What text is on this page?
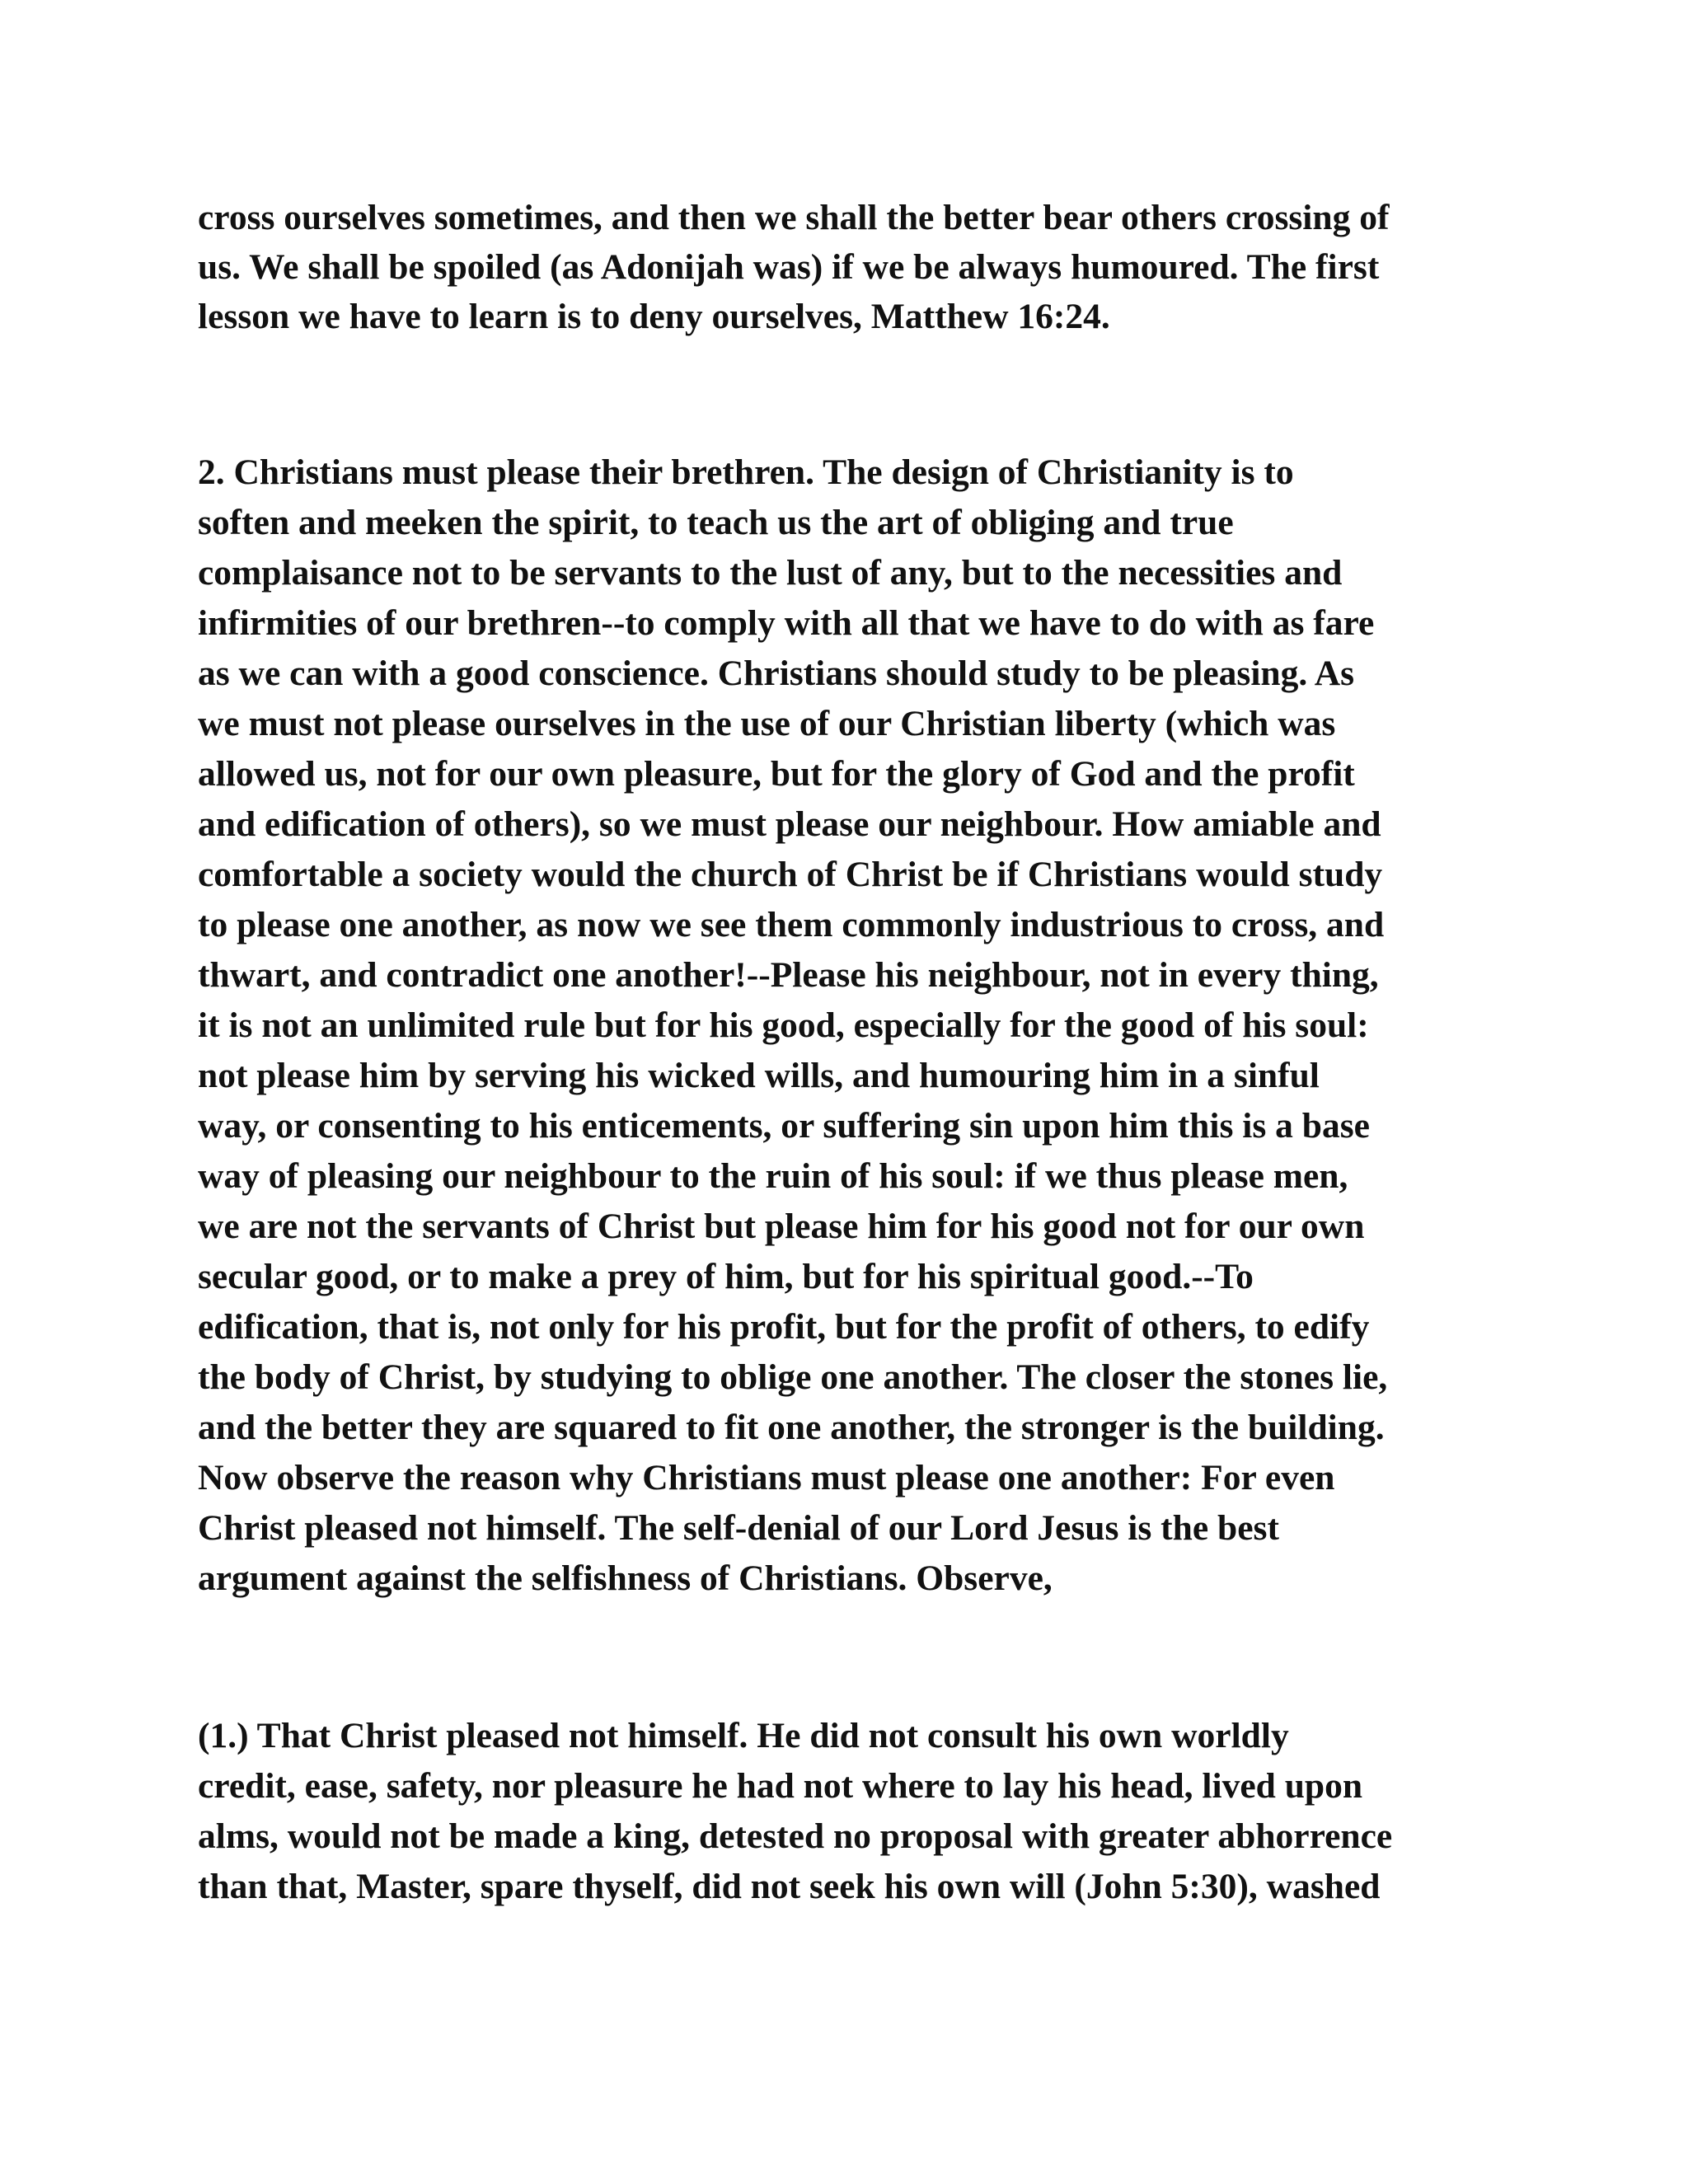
cross ourselves sometimes, and then we shall the better bear others crossing of

us. We shall be spoiled (as Adonijah was) if we be always humoured. The first

lesson we have to learn is to deny ourselves, Matthew 16:24.

2. Christians must please their brethren. The design of Christianity is to

soften and meeken the spirit, to teach us the art of obliging and true

complaisance not to be servants to the lust of any, but to the necessities and

infirmities of our brethren--to comply with all that we have to do with as fare

as we can with a good conscience. Christians should study to be pleasing. As

we must not please ourselves in the use of our Christian liberty (which was

allowed us, not for our own pleasure, but for the glory of God and the profit

and edification of others), so we must please our neighbour. How amiable and

comfortable a society would the church of Christ be if Christians would study

to please one another, as now we see them commonly industrious to cross, and

thwart, and contradict one another!--Please his neighbour, not in every thing,

it is not an unlimited rule but for his good, especially for the good of his soul:

not please him by serving his wicked wills, and humouring him in a sinful

way, or consenting to his enticements, or suffering sin upon him this is a base

way of pleasing our neighbour to the ruin of his soul: if we thus please men,

we are not the servants of Christ but please him for his good not for our own

secular good, or to make a prey of him, but for his spiritual good.--To

edification, that is, not only for his profit, but for the profit of others, to edify

the body of Christ, by studying to oblige one another. The closer the stones lie,

and the better they are squared to fit one another, the stronger is the building.

Now observe the reason why Christians must please one another: For even

Christ pleased not himself. The self-denial of our Lord Jesus is the best

argument against the selfishness of Christians. Observe,

(1.) That Christ pleased not himself. He did not consult his own worldly

credit, ease, safety, nor pleasure he had not where to lay his head, lived upon

alms, would not be made a king, detested no proposal with greater abhorrence

than that, Master, spare thyself, did not seek his own will (John 5:30), washed
